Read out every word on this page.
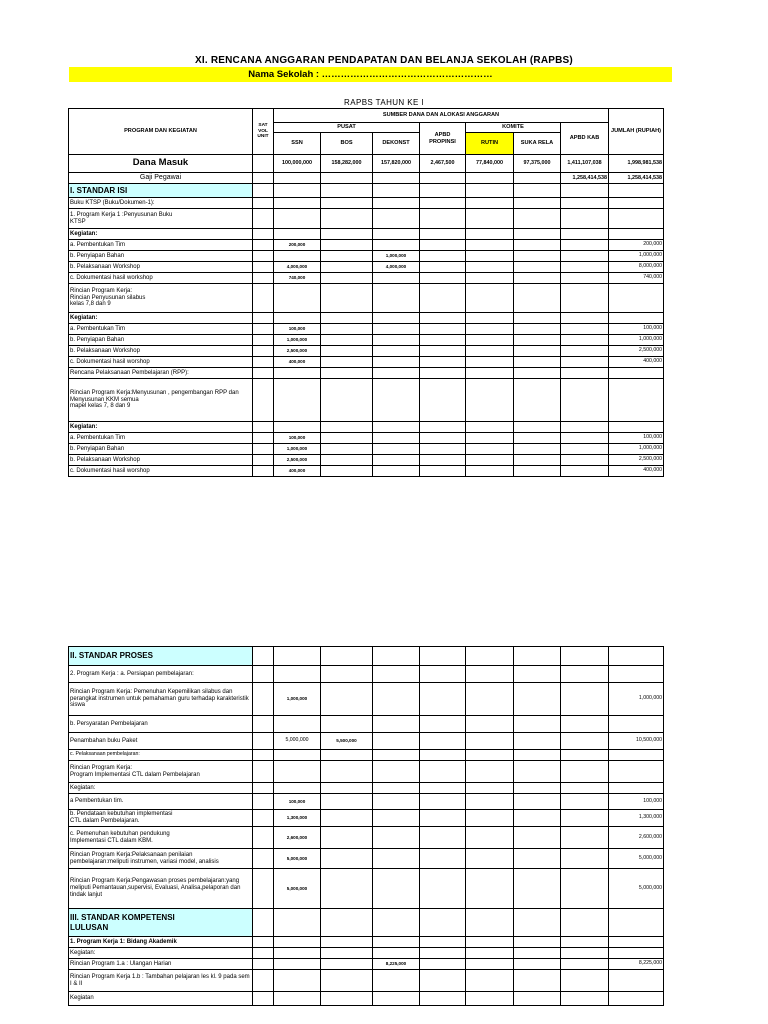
XI. RENCANA ANGGARAN PENDAPATAN DAN BELANJA SEKOLAH (RAPBS)
Nama Sekolah : ………………………………………………
RAPBS TAHUN KE I
PROGRAM DAN KEGIATAN	SAT VOL UNIT	SUMBER DANA DAN ALOKASI ANGGARAN							JUMLAH (RUPIAH)
		PUSAT			APBD PROPINSI	KOMITE		APBD KAB	
		SSN	BOS	DEKONST		RUTIN	SUKA RELA		
Dana Masuk		100,000,000	158,282,000	157,820,000	2,467,500	77,840,000	97,375,000	1,411,107,038	1,998,981,538
Gaji Pegawai								1,258,414,538	1,258,414,538
I. STANDAR ISI									
Buku KTSP (Buku/Dokumen-1):									
1. Program Kerja 1 :Penyusunan Buku
KTSP									
Kegiatan:									
a. Pembentukan Tim		200,000							200,000
b. Penyiapan Bahan				1,000,000					1,000,000
b. Pelaksanaan Workshop		4,000,000		4,000,000					8,000,000
c. Dokumentasi hasil workshop		740,000							740,000
Rincian Program Kerja:
Rincian Penyusunan silabus
kelas 7,8 dan 9									
Kegiatan:									
a. Pembentukan Tim		100,000							100,000
b. Penyiapan Bahan		1,000,000							1,000,000
b. Pelaksanaan Workshop		2,500,000							2,500,000
c. Dokumentasi hasil worshop		400,000							400,000
Rencana Pelaksanaan Pembelajaran (RPP):									
Rincian Program Kerja:Menyusunan , pengembangan RPP dan Menyusunan KKM semua
mapel kelas 7, 8 dan 9									
Kegiatan:									
a. Pembentukan Tim		100,000							100,000
b. Penyiapan Bahan		1,000,000							1,000,000
b. Pelaksanaan Workshop		2,500,000							2,500,000
c. Dokumentasi hasil worshop		400,000							400,000
II. STANDAR PROSES									
2. Program Kerja : a. Persiapan pembelajaran:									
Rincian Program Kerja: Pemenuhan Kepemilikan silabus dan perangkat instrumen untuk pemahaman guru terhadap karakteristik siswa		1,000,000							1,000,000
b. Persyaratan Pembelajaran									
Penambahan buku Paket		5,000,000	5,500,000						10,500,000
c. Pelaksanaan pembelajaran:									
Rincian Program Kerja:
Program Implementasi CTL dalam Pembelajaran									
Kegiatan:									
a Pembentukan tim.		100,000							100,000
b. Pendataan kebutuhan implementasi
CTL dalam Pembelajaran.		1,300,000							1,300,000
c. Pemenuhan kebutuhan pendukung
Implementasi CTL dalam KBM.		2,600,000							2,600,000
Rincian Program Kerja:Pelaksanaan penilaian pembelajaran:meliputi instrumen, variasi model, analisis		5,000,000							5,000,000
Rincian Program Kerja:Pengawasan proses pembelajaran:yang meliputi Pemantauan,supervisi, Evaluasi, Analisa,pelaporan dan tindak lanjut		5,000,000							5,000,000
III. STANDAR KOMPETENSI
LULUSAN									
1. Program Kerja 1: Bidang Akademik									
Kegiatan:									
Rincian Program 1.a : Ulangan Harian				8,225,000					8,225,000
Rincian Program Kerja 1.b : Tambahan pelajaran les kl. 9 pada sem I & II									
Kegiatan									
